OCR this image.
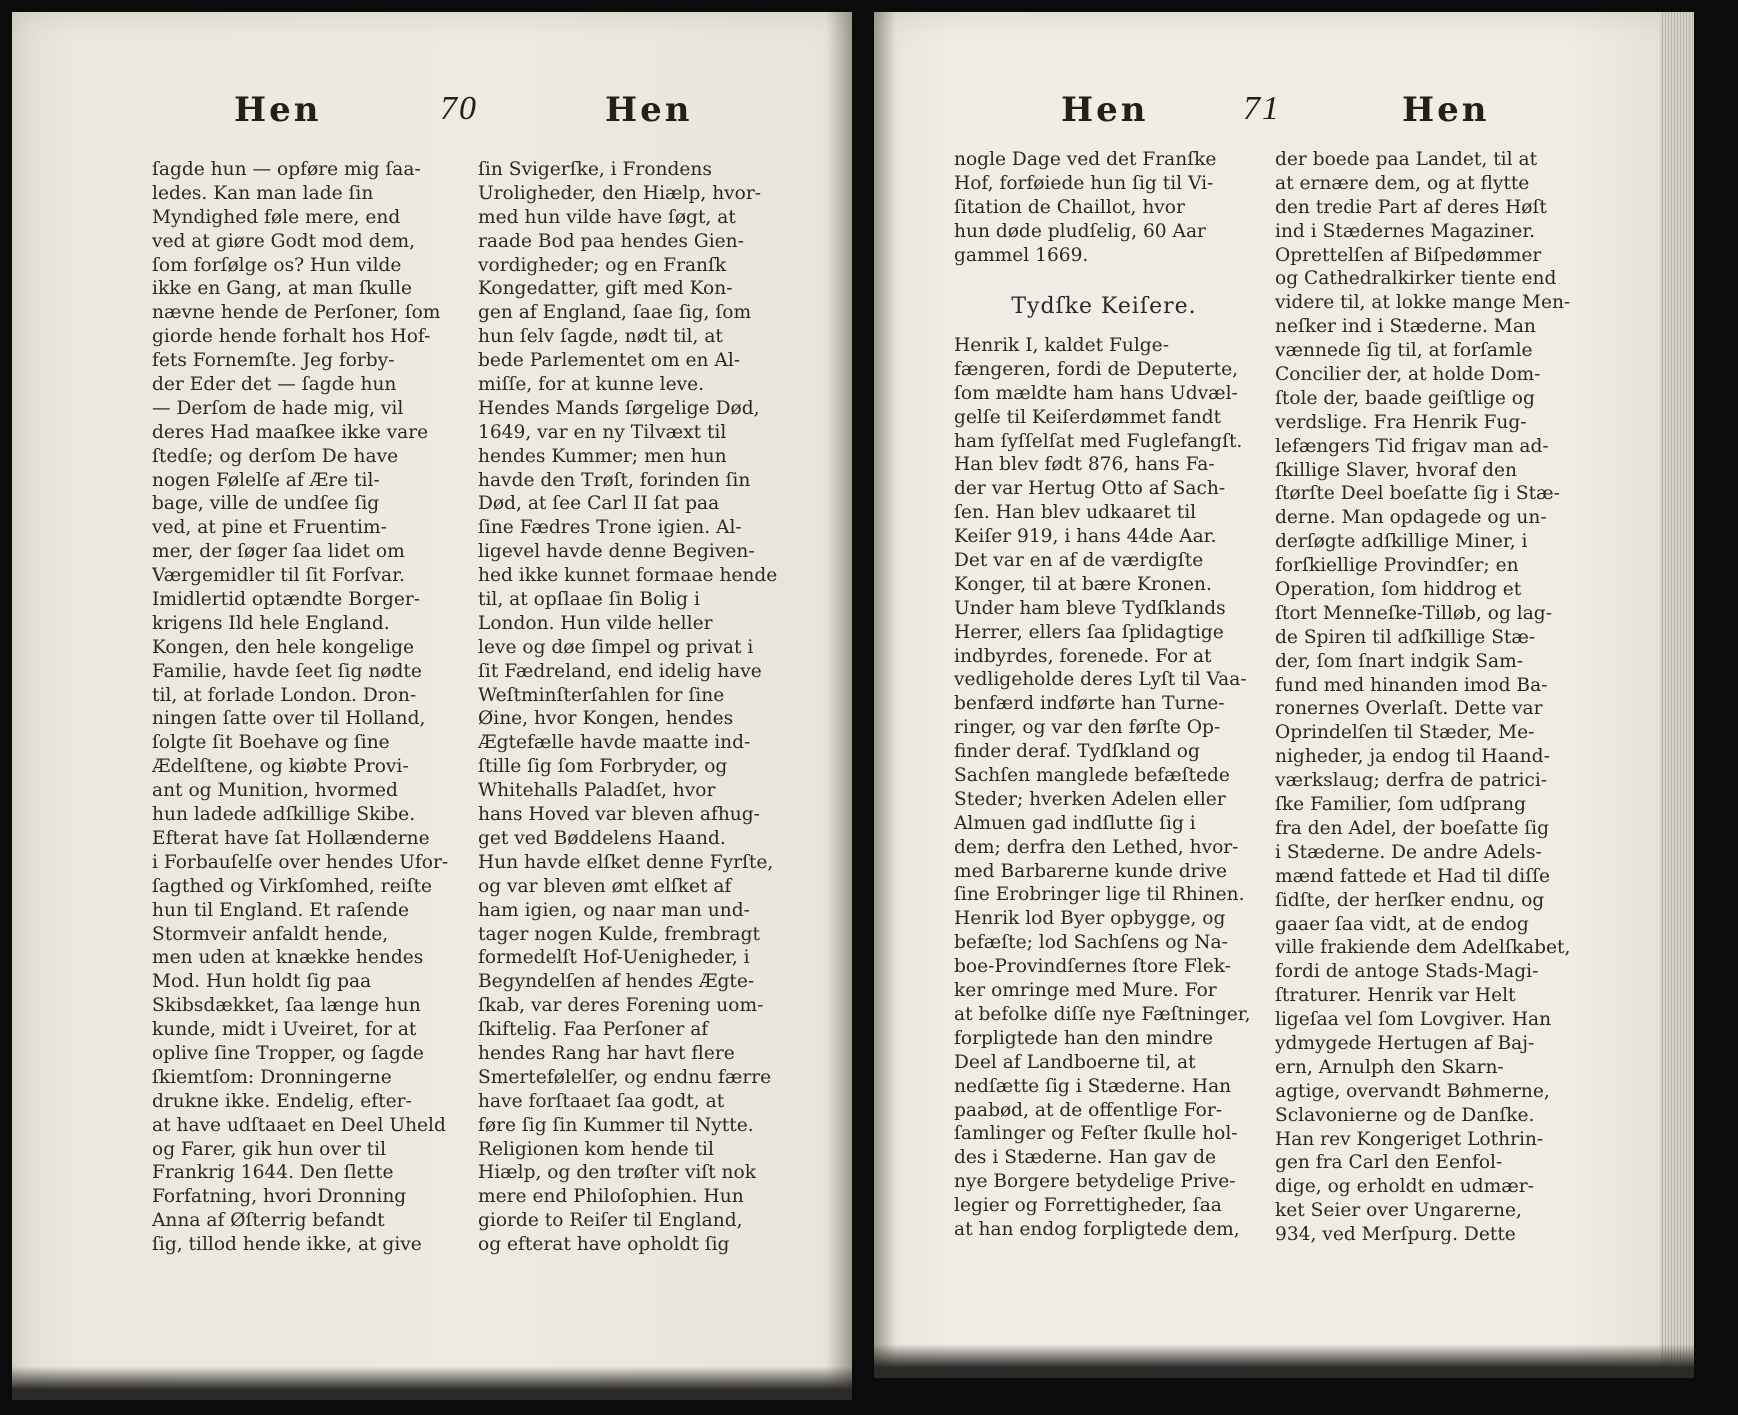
Hen	70	Hen
ſagde hun — opføre mig ſaa-
ledes. Kan man lade ſin
Myndighed føle mere, end
ved at giøre Godt mod dem,
ſom forſølge os? Hun vilde
ikke en Gang, at man ſkulle
nævne hende de Perſoner, ſom
giorde hende forhalt hos Hof-
fets Fornemſte. Jeg forby-
der Eder det — ſagde hun
— Derſom de hade mig, vil
deres Had maaſkee ikke vare
ſtedſe; og derſom De have
nogen Følelſe af Ære til-
bage, ville de undſee ſig
ved, at pine et Fruentim-
mer, der ſøger ſaa lidet om
Værgemidler til ſit Forſvar.
Imidlertid optændte Borger-
krigens Ild hele England.
Kongen, den hele kongelige
Familie, havde ſeet ſig nødte
til, at forlade London. Dron-
ningen ſatte over til Holland,
ſolgte ſit Boehave og ſine
Ædelſtene, og kiøbte Provi-
ant og Munition, hvormed
hun ladede adſkillige Skibe.
Efterat have ſat Hollænderne
i Forbauſelſe over hendes Ufor-
ſagthed og Virkſomhed, reiſte
hun til England. Et raſende
Stormveir anfaldt hende,
men uden at knække hendes
Mod. Hun holdt ſig paa
Skibsdækket, ſaa længe hun
kunde, midt i Uveiret, for at
oplive ſine Tropper, og ſagde
ſkiemtſom: Dronningerne
drukne ikke. Endelig, efter-
at have udſtaaet en Deel Uheld
og Farer, gik hun over til
Frankrig 1644. Den ſlette
Forfatning, hvori Dronning
Anna af Øſterrig befandt
ſig, tillod hende ikke, at give
ſin Svigerſke, i Frondens
Uroligheder, den Hiælp, hvor-
med hun vilde have ſøgt, at
raade Bod paa hendes Gien-
vordigheder; og en Franſk
Kongedatter, gift med Kon-
gen af England, ſaae ſig, ſom
hun ſelv ſagde, nødt til, at
bede Parlementet om en Al-
miſſe, for at kunne leve.
Hendes Mands ſørgelige Død,
1649, var en ny Tilvæxt til
hendes Kummer; men hun
havde den Trøſt, forinden ſin
Død, at ſee Carl II ſat paa
ſine Fædres Trone igien. Al-
ligevel havde denne Begiven-
hed ikke kunnet formaae hende
til, at opſlaae ſin Bolig i
London. Hun vilde heller
leve og døe ſimpel og privat i
ſit Fædreland, end idelig have
Weſtminſterſahlen for ſine
Øine, hvor Kongen, hendes
Ægtefælle havde maatte ind-
ſtille ſig ſom Forbryder, og
Whitehalls Paladſet, hvor
hans Hoved var bleven afhug-
get ved Bøddelens Haand.
Hun havde elſket denne Fyrſte,
og var bleven ømt elſket af
ham igien, og naar man und-
tager nogen Kulde, frembragt
formedelſt Hof-Uenigheder, i
Begyndelſen af hendes Ægte-
ſkab, var deres Forening uom-
ſkiftelig. Faa Perſoner af
hendes Rang har havt flere
Smertefølelſer, og endnu færre
have forſtaaet ſaa godt, at
føre ſig ſin Kummer til Nytte.
Religionen kom hende til
Hiælp, og den trøſter viſt nok
mere end Philoſophien. Hun
giorde to Reiſer til England,
og efterat have opholdt ſig
Hen	71	Hen
nogle Dage ved det Franſke
Hof, forføiede hun ſig til Vi-
ſitation de Chaillot, hvor
hun døde pludſelig, 60 Aar
gammel 1669.
Tydſke Keiſere.
Henrik I, kaldet Fulge-
fængeren, fordi de Deputerte,
ſom mældte ham hans Udvæl-
gelſe til Keiſerdømmet fandt
ham ſyſſelſat med Fuglefangſt.
Han blev født 876, hans Fa-
der var Hertug Otto af Sach-
ſen. Han blev udkaaret til
Keiſer 919, i hans 44de Aar.
Det var en af de værdigſte
Konger, til at bære Kronen.
Under ham bleve Tydſklands
Herrer, ellers ſaa ſplidagtige
indbyrdes, forenede. For at
vedligeholde deres Lyſt til Vaa-
benfærd indførte han Turne-
ringer, og var den førſte Op-
finder deraf. Tydſkland og
Sachſen manglede befæſtede
Steder; hverken Adelen eller
Almuen gad indſlutte ſig i
dem; derfra den Lethed, hvor-
med Barbarerne kunde drive
ſine Erobringer lige til Rhinen.
Henrik lod Byer opbygge, og
befæſte; lod Sachſens og Na-
boe-Provindſernes ſtore Flek-
ker omringe med Mure. For
at befolke diſſe nye Fæſtninger,
forpligtede han den mindre
Deel af Landboerne til, at
nedſætte ſig i Stæderne. Han
paabød, at de offentlige For-
ſamlinger og Feſter ſkulle hol-
des i Stæderne. Han gav de
nye Borgere betydelige Prive-
legier og Forrettigheder, ſaa
at han endog forpligtede dem,
der boede paa Landet, til at
at ernære dem, og at flytte
den tredie Part af deres Høſt
ind i Stædernes Magaziner.
Oprettelſen af Biſpedømmer
og Cathedralkirker tiente end
videre til, at lokke mange Men-
neſker ind i Stæderne. Man
vænnede ſig til, at forſamle
Concilier der, at holde Dom-
ſtole der, baade geiſtlige og
verdslige. Fra Henrik Fug-
lefængers Tid frigav man ad-
ſkillige Slaver, hvoraf den
ſtørſte Deel boeſatte ſig i Stæ-
derne. Man opdagede og un-
derſøgte adſkillige Miner, i
forſkiellige Provindſer; en
Operation, ſom hiddrog et
ſtort Menneſke-Tilløb, og lag-
de Spiren til adſkillige Stæ-
der, ſom ſnart indgik Sam-
fund med hinanden imod Ba-
ronernes Overlaſt. Dette var
Oprindelſen til Stæder, Me-
nigheder, ja endog til Haand-
værkslaug; derfra de patrici-
ſke Familier, ſom udſprang
fra den Adel, der boeſatte ſig
i Stæderne. De andre Adels-
mænd fattede et Had til diſſe
ſidſte, der herſker endnu, og
gaaer ſaa vidt, at de endog
ville frakiende dem Adelſkabet,
fordi de antoge Stads-Magi-
ſtraturer. Henrik var Helt
ligeſaa vel ſom Lovgiver. Han
ydmygede Hertugen af Baj-
ern, Arnulph den Skarn-
agtige, overvandt Bøhmerne,
Sclavonierne og de Danſke.
Han rev Kongeriget Lothrin-
gen fra Carl den Eenfol-
dige, og erholdt en udmær-
ket Seier over Ungarerne,
934, ved Merſpurg. Dette
